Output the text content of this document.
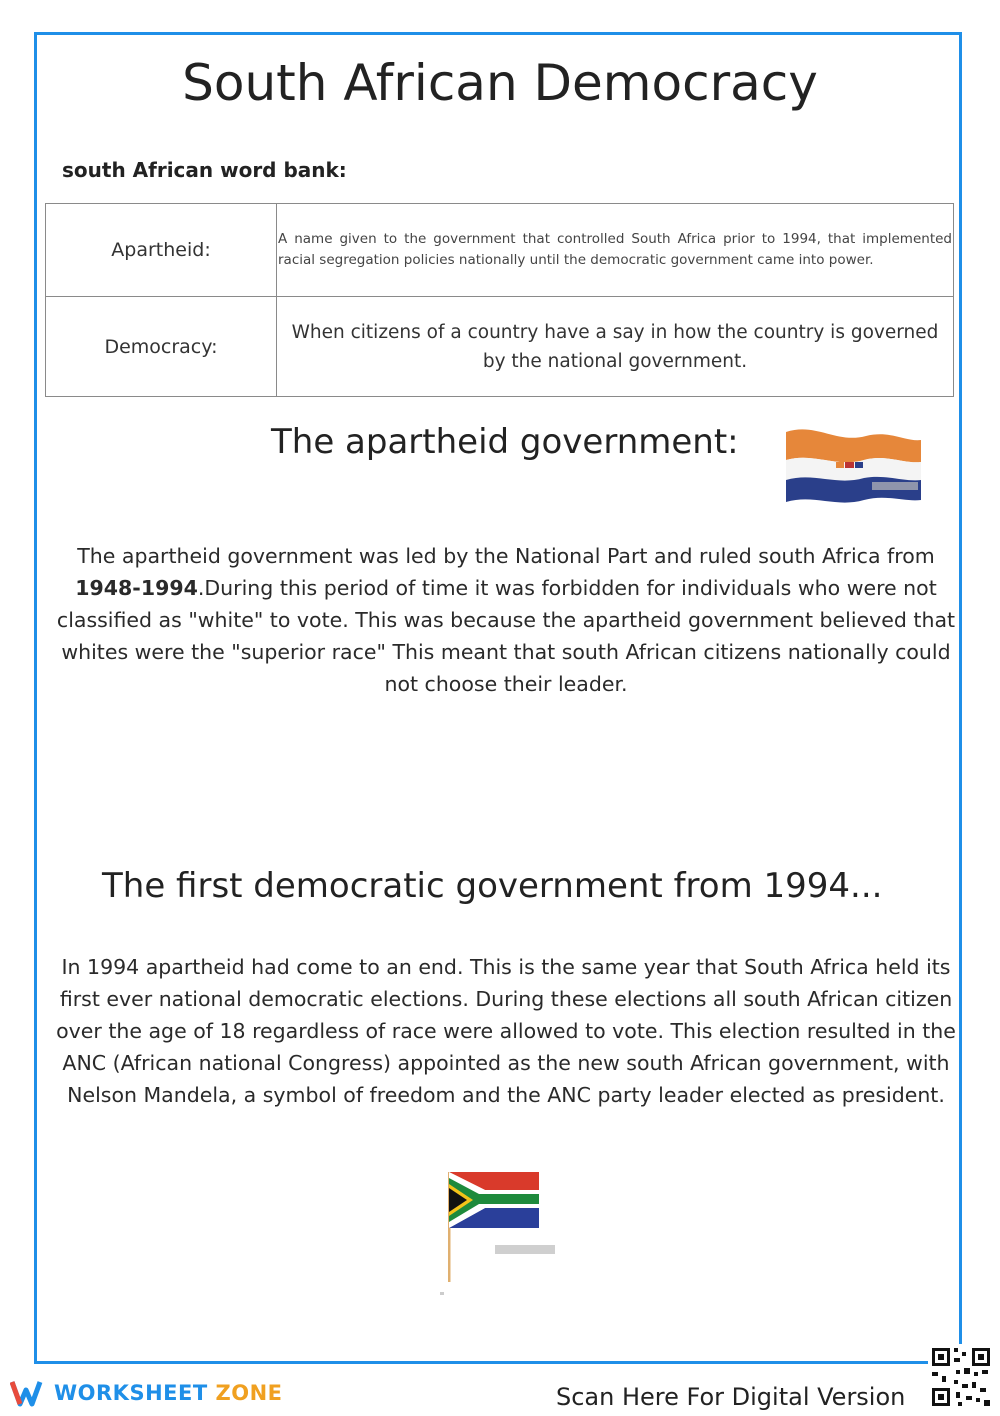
South African Democracy
south African word bank:
Apartheid:	A name given to the government that controlled South Africa prior to 1994, that implemented racial segregation policies nationally until the democratic government came into power.
Democracy:	When citizens of a country have a say in how the country is governed by the national government.
The apartheid government:
The apartheid government was led by the National Part and ruled south Africa from 1948-1994.During this period of time it was forbidden for individuals who were not classified as "white" to vote. This was because the apartheid government believed that whites were the "superior race" This meant that south African citizens nationally could not choose their leader.
The first democratic government from 1994...
In 1994 apartheid had come to an end. This is the same year that South Africa held its first ever national democratic elections. During these elections all south African citizen over the age of 18 regardless of race were allowed to vote. This election resulted in the ANC (African national Congress) appointed as the new south African government, with Nelson Mandela, a symbol of freedom and the ANC party leader elected as president.
WORKSHEET ZONE	Scan Here For Digital Version
